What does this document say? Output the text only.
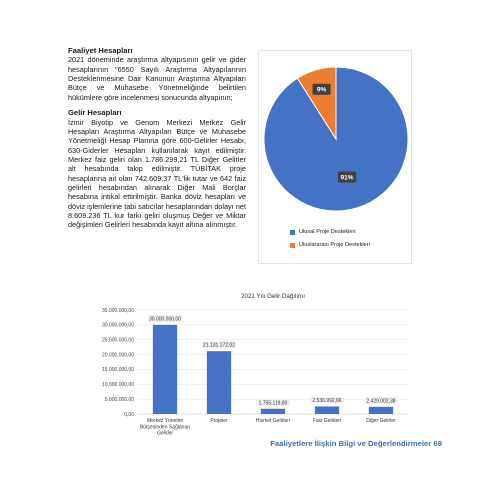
Faaliyet Hesapları

2021 döneminde araştırma altyapısının gelir ve gider hesaplarının "6550 Sayılı Araştırma Altyapılarının Desteklenmesine Dair Kanunun Araştırma Altyapıları Bütçe ve Muhasebe Yönetmeliğinde belirtilen hükümlere göre incelenmesi sonucunda altyapının;

Gelir Hesapları

İzmir Biyotip ve Genom Merkezi Merkez Gelir Hesapları Araştırma Altyapıları Bütçe ve Muhasebe Yönetmeliği Hesap Planına göre 600-Gelirler Hesabı, 630-Giderler Hesapları kullanılarak kayıt edilmiştir. Merkez faiz geliri olan 1.786.299,21 TL Diğer Gelirler alt hesabında takip edilmiştir. TÜBİTAK proje hesaplarına ait olan 742.609,37 TL'lik tutar ve 642 faiz gelirleri hesabından alınarak Diğer Mali Borçlar hesabına intikal ettirilmiştir. Banka döviz hesapları ve döviz işlemlerine tabi satıcılar hesaplarından dolayı net 8.609.236 TL kur farkı geliri oluşmuş Değer ve Miktar değişimleri Gelirleri hesabında kayıt altına alınmıştır.

91%
9%
Ulusal Proje Destekleri
Uluslararası Proje Destekleri
2021 Yılı Gelir Dağılımı
0,00
5.000.000,00
10.000.000,00
15.000.000,00
20.000.000,00
25.000.000,00
30.000.000,00
35.000.000,00
30.000.000,00
Merkez Yönetim
Bütçesinden Sağlanan
Gelirler
21.131.172,02
Projeler
1.755.119,80
Hizmet Gelirleri
2.536.992,66
Faiz Gelirleri
2.429.002,38
Diğer Gelirler
Faaliyetlere İlişkin Bilgi ve Değerlendirmeler 69
